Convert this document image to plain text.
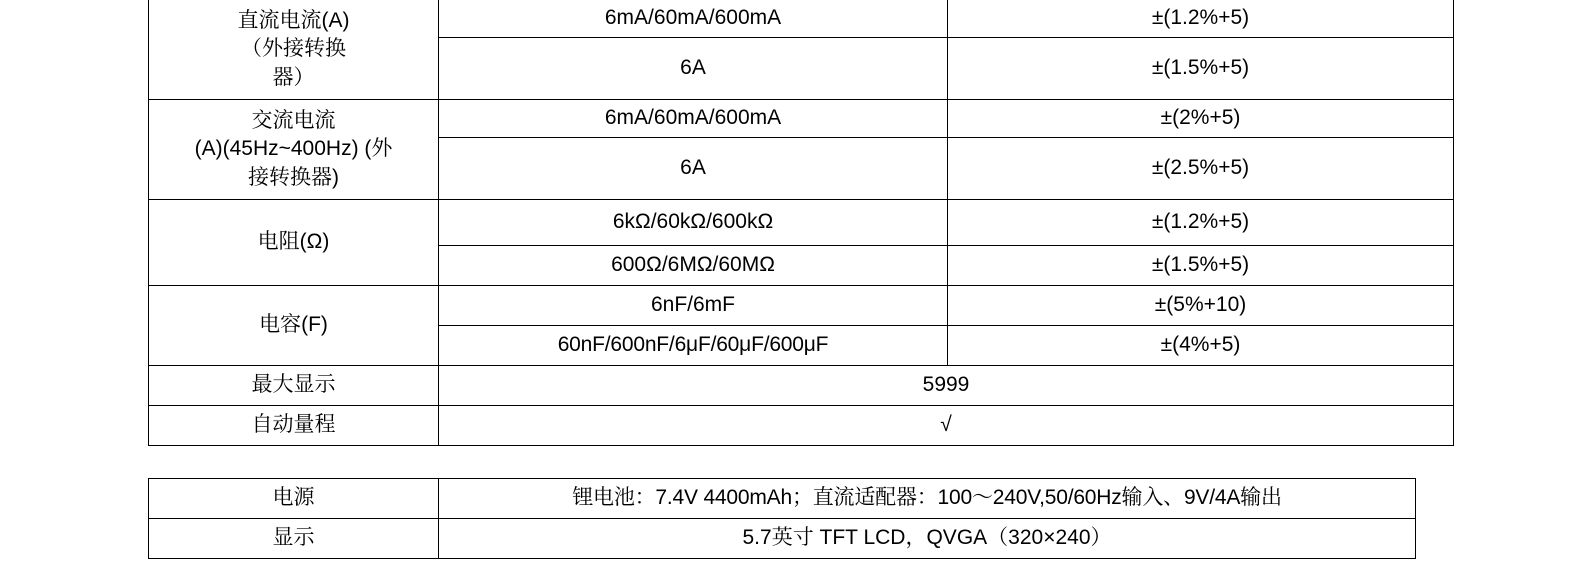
直流电流(A)
（外接转换
器）	6mA/60mA/600mA	±(1.2%+5)
	6A	±(1.5%+5)

交流电流
(A)(45Hz~400Hz) (外
接转换器)	6mA/60mA/600mA	±(2%+5)
	6A	±(2.5%+5)

电阻(Ω)	6kΩ/60kΩ/600kΩ	±(1.2%+5)
	600Ω/6MΩ/60MΩ	±(1.5%+5)

电容(F)	6nF/6mF	±(5%+10)
	60nF/600nF/6μF/60μF/600μF	±(4%+5)
最大显示	5999	
自动量程	√	
电源	锂电池：7.4V 4400mAh；直流适配器：100～240V,50/60Hz输入、9V/4A输出
显示	5.7英寸 TFT LCD，QVGA（320×240）
